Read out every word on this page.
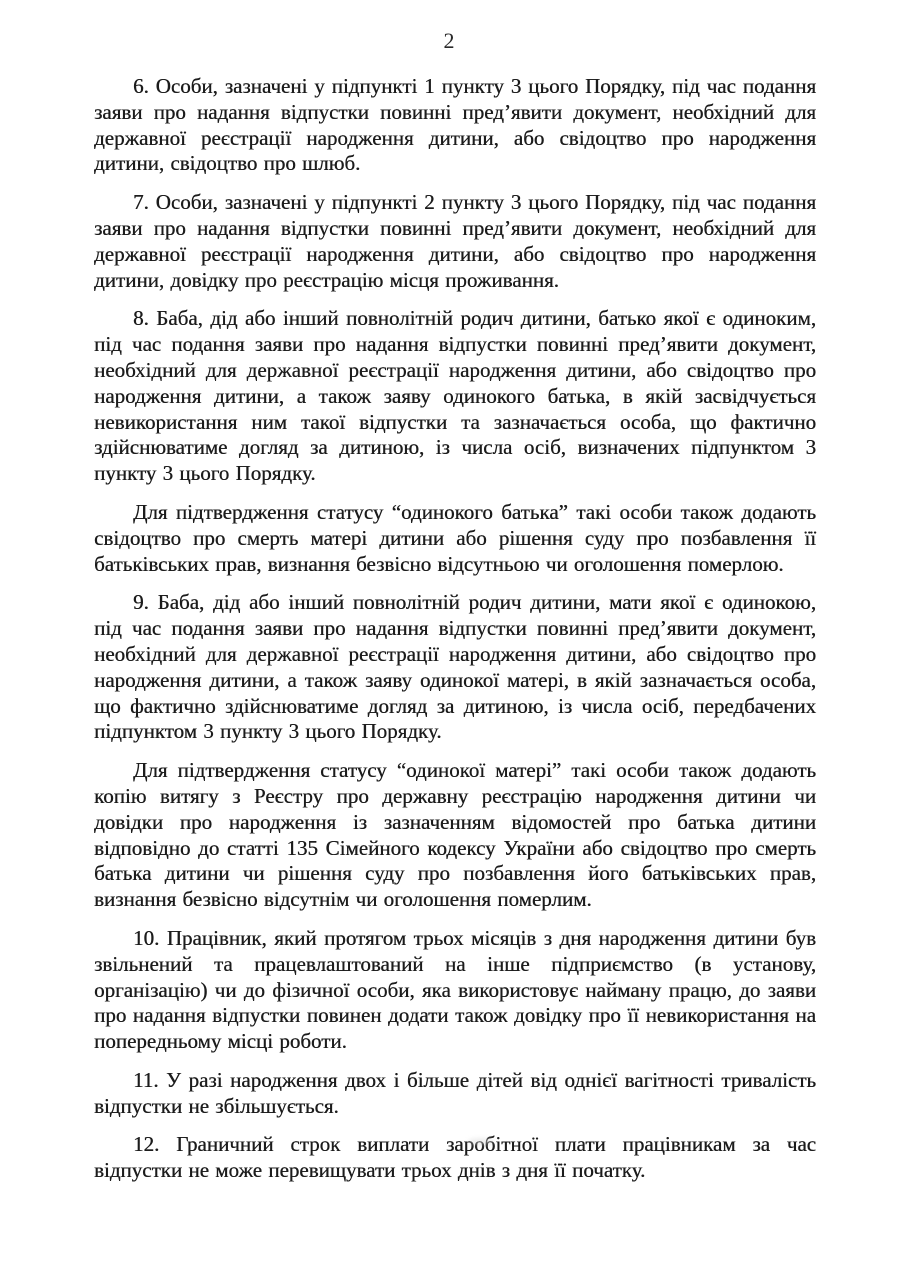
2

6. Особи, зазначені у підпункті 1 пункту 3 цього Порядку, під час подання заяви про надання відпустки повинні пред’явити документ, необхідний для державної реєстрації народження дитини, або свідоцтво про народження дитини, свідоцтво про шлюб.

7. Особи, зазначені у підпункті 2 пункту 3 цього Порядку, під час подання заяви про надання відпустки повинні пред’явити документ, необхідний для державної реєстрації народження дитини, або свідоцтво про народження дитини, довідку про реєстрацію місця проживання.

8. Баба, дід або інший повнолітній родич дитини, батько якої є одиноким, під час подання заяви про надання відпустки повинні пред’явити документ, необхідний для державної реєстрації народження дитини, або свідоцтво про народження дитини, а також заяву одинокого батька, в якій засвідчується невикористання ним такої відпустки та зазначається особа, що фактично здійснюватиме догляд за дитиною, із числа осіб, визначених підпунктом 3 пункту 3 цього Порядку.

Для підтвердження статусу “одинокого батька” такі особи також додають свідоцтво про смерть матері дитини або рішення суду про позбавлення її батьківських прав, визнання безвісно відсутньою чи оголошення померлою.

9. Баба, дід або інший повнолітній родич дитини, мати якої є одинокою, під час подання заяви про надання відпустки повинні пред’явити документ, необхідний для державної реєстрації народження дитини, або свідоцтво про народження дитини, а також заяву одинокої матері, в якій зазначається особа, що фактично здійснюватиме догляд за дитиною, із числа осіб, передбачених підпунктом 3 пункту 3 цього Порядку.

Для підтвердження статусу “одинокої матері” такі особи також додають копію витягу з Реєстру про державну реєстрацію народження дитини чи довідки про народження із зазначенням відомостей про батька дитини відповідно до статті 135 Сімейного кодексу України або свідоцтво про смерть батька дитини чи рішення суду про позбавлення його батьківських прав, визнання безвісно відсутнім чи оголошення померлим.

10. Працівник, який протягом трьох місяців з дня народження дитини був звільнений та працевлаштований на інше підприємство (в установу, організацію) чи до фізичної особи, яка використовує найману працю, до заяви про надання відпустки повинен додати також довідку про її невикористання на попередньому місці роботи.

11. У разі народження двох і більше дітей від однієї вагітності тривалість відпустки не збільшується.

12. Граничний строк виплати заробітної плати працівникам за час відпустки не може перевищувати трьох днів з дня її початку.
